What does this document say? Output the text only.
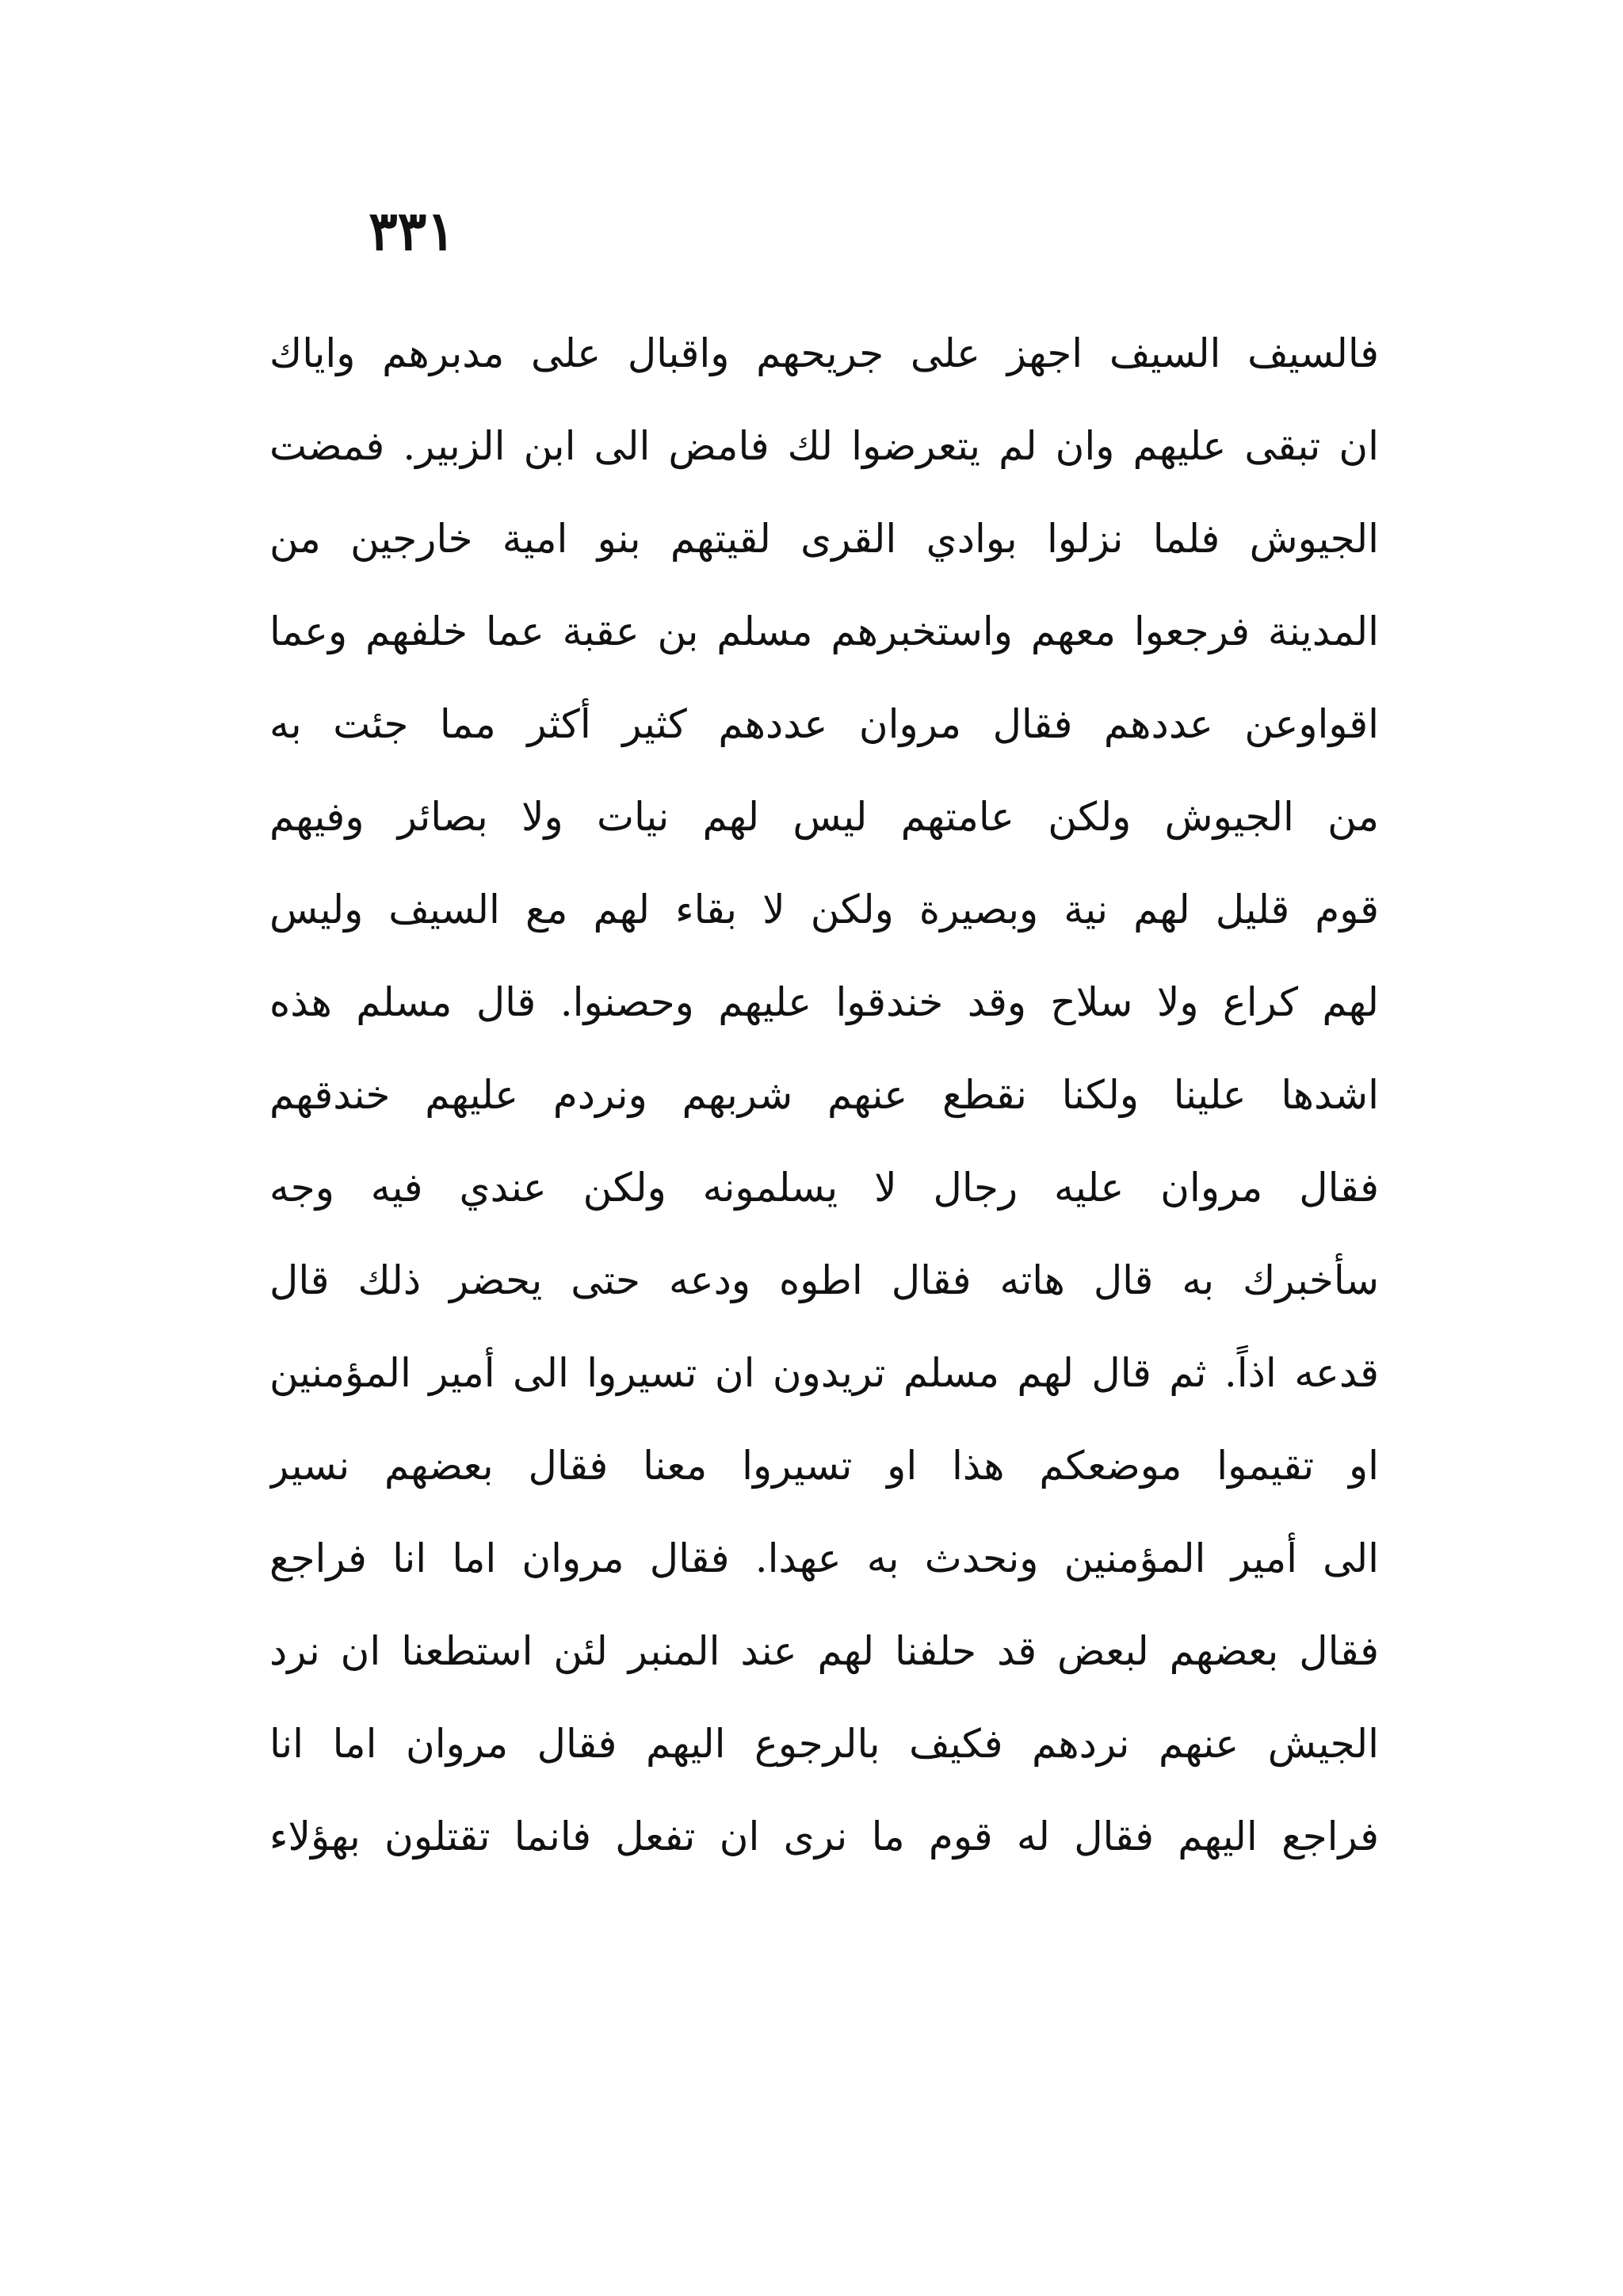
٣٣١
فالسيف السيف اجهز على جريحهم واقبال على مدبرهم واياك
ان تبقى عليهم وان لم يتعرضوا لك فامض الى ابن الزبير. فمضت
الجيوش فلما نزلوا بوادي القرى لقيتهم بنو امية خارجين من
المدينة فرجعوا معهم واستخبرهم مسلم بن عقبة عما خلفهم وعما
اقواوعن عددهم فقال مروان عددهم كثير أكثر مما جئت به
من الجيوش ولكن عامتهم ليس لهم نيات ولا بصائر وفيهم
قوم قليل لهم نية وبصيرة ولكن لا بقاء لهم مع السيف وليس
لهم كراع ولا سلاح وقد خندقوا عليهم وحصنوا. قال مسلم هذه
اشدها علينا ولكنا نقطع عنهم شربهم ونردم عليهم خندقهم
فقال مروان عليه رجال لا يسلمونه ولكن عندي فيه وجه
سأخبرك به قال هاته فقال اطوه ودعه حتى يحضر ذلك قال
قدعه اذاً. ثم قال لهم مسلم تريدون ان تسيروا الى أمير المؤمنين
او تقيموا موضعكم هذا او تسيروا معنا فقال بعضهم نسير
الى أمير المؤمنين ونحدث به عهدا. فقال مروان اما انا فراجع
فقال بعضهم لبعض قد حلفنا لهم عند المنبر لئن استطعنا ان نرد
الجيش عنهم نردهم فكيف بالرجوع اليهم فقال مروان اما انا
فراجع اليهم فقال له قوم ما نرى ان تفعل فانما تقتلون بهؤلاء
